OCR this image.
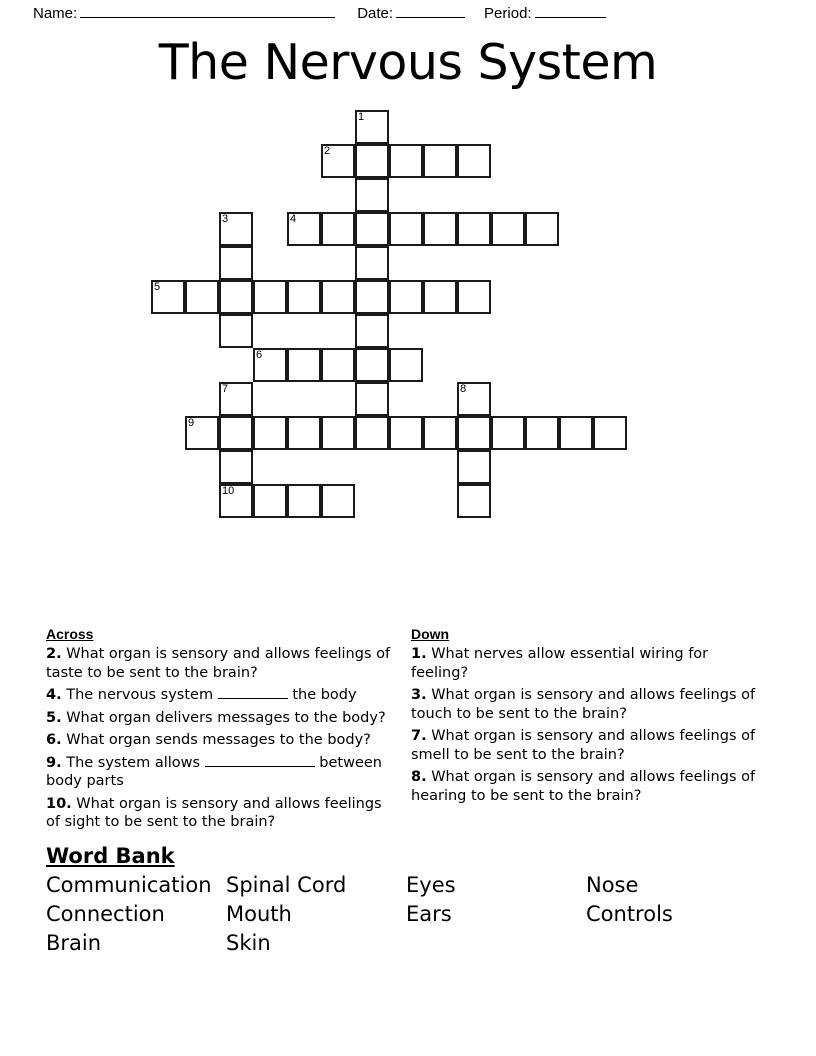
Name:	Date:	Period:
The Nervous System
1
2
3	4
5
6
7
10
8
9
Across
2. What organ is sensory and allows feelings of taste to be sent to the brain?
4. The nervous system	the body
5. What organ delivers messages to the body?
6. What organ sends messages to the body?
9. The system allows	between body parts
10. What organ is sensory and allows feelings of sight to be sent to the brain?
Down
1. What nerves allow essential wiring for feeling?
3. What organ is sensory and allows feelings of touch to be sent to the brain?
7. What organ is sensory and allows feelings of smell to be sent to the brain?
8. What organ is sensory and allows feelings of hearing to be sent to the brain?
Word Bank
Communication Spinal Cord	Eyes	Nose
Connection	Mouth	Ears	Controls
Brain	Skin
